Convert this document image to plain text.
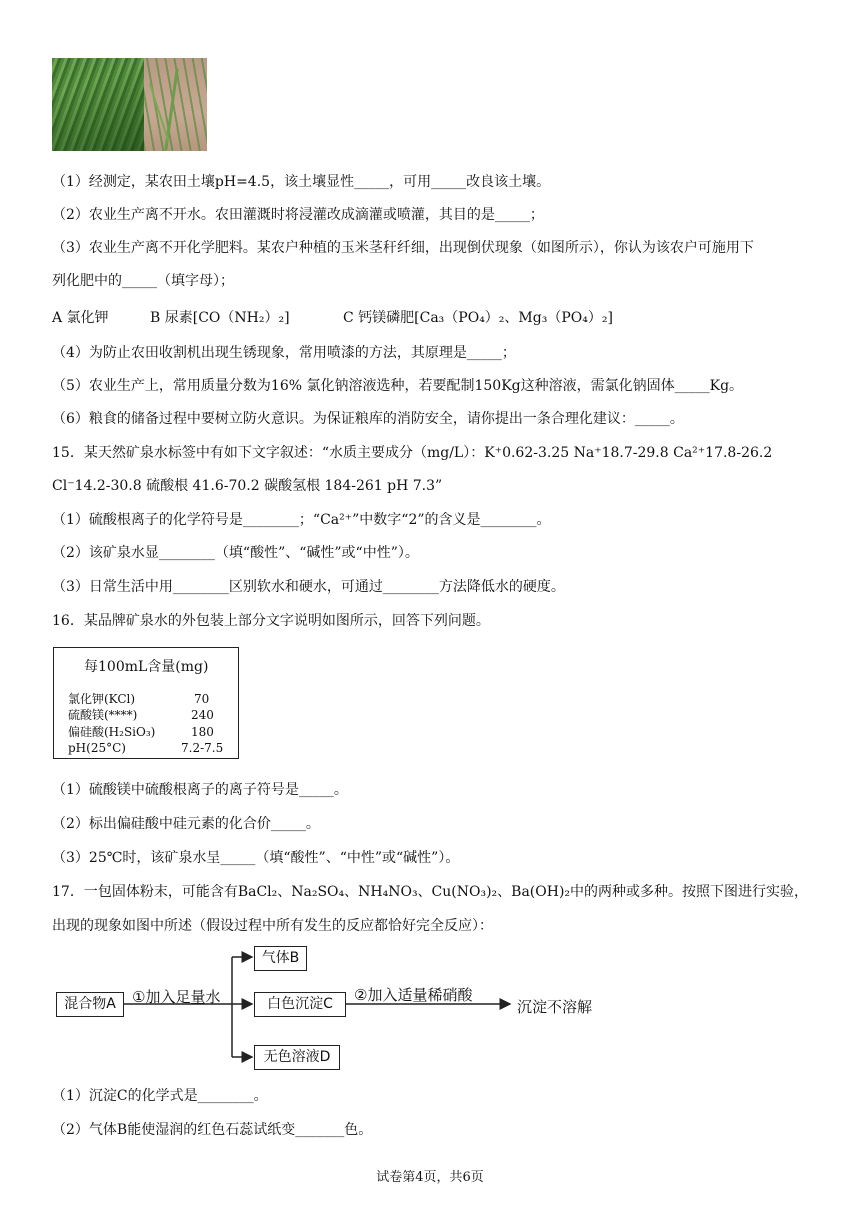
（1）经测定，某农田土壤pH=4.5，该土壤显性_____，可用_____改良该土壤。
（2）农业生产离不开水。农田灌溉时将浸灌改成滴灌或喷灌，其目的是_____；
（3）农业生产离不开化学肥料。某农户种植的玉米茎秆纤细，出现倒伏现象（如图所示），你认为该农户可施用下
列化肥中的_____（填字母）；
A 氯化钾	B 尿素[CO（NH₂）₂]	C 钙镁磷肥[Ca₃（PO₄）₂、Mg₃（PO₄）₂]
（4）为防止农田收割机出现生锈现象，常用喷漆的方法，其原理是_____；
（5）农业生产上，常用质量分数为16% 氯化钠溶液选种，若要配制150Kg这种溶液，需氯化钠固体_____Kg。
（6）粮食的储备过程中要树立防火意识。为保证粮库的消防安全，请你提出一条合理化建议：_____。
15．某天然矿泉水标签中有如下文字叙述：“水质主要成分（mg/L）：K⁺0.62-3.25 Na⁺18.7-29.8 Ca²⁺17.8-26.2
Cl⁻14.2-30.8 硫酸根 41.6-70.2 碳酸氢根 184-261 pH 7.3”
（1）硫酸根离子的化学符号是________；“Ca²⁺”中数字“2”的含义是________。
（2）该矿泉水显________（填“酸性”、“碱性”或“中性”）。
（3）日常生活中用________区别软水和硬水，可通过________方法降低水的硬度。
16．某品牌矿泉水的外包装上部分文字说明如图所示，回答下列问题。
每100mL含量(mg)
氯化钾(KCl)	70
硫酸镁(****)	240
偏硅酸(H₂SiO₃)	180
pH(25°C)	7.2-7.5
（1）硫酸镁中硫酸根离子的离子符号是_____。
（2）标出偏硅酸中硅元素的化合价_____。
（3）25℃时，该矿泉水呈_____（填“酸性”、“中性”或“碱性”）。
17．一包固体粉末，可能含有BaCl₂、Na₂SO₄、NH₄NO₃、Cu(NO₃)₂、Ba(OH)₂中的两种或多种。按照下图进行实验，
出现的现象如图中所述（假设过程中所有发生的反应都恰好完全反应）：
混合物A	①加入足量水
气体B
白色沉淀C	②加入适量稀硝酸
沉淀不溶解
无色溶液D
（1）沉淀C的化学式是________。
（2）气体B能使湿润的红色石蕊试纸变_______色。
试卷第4页，共6页
